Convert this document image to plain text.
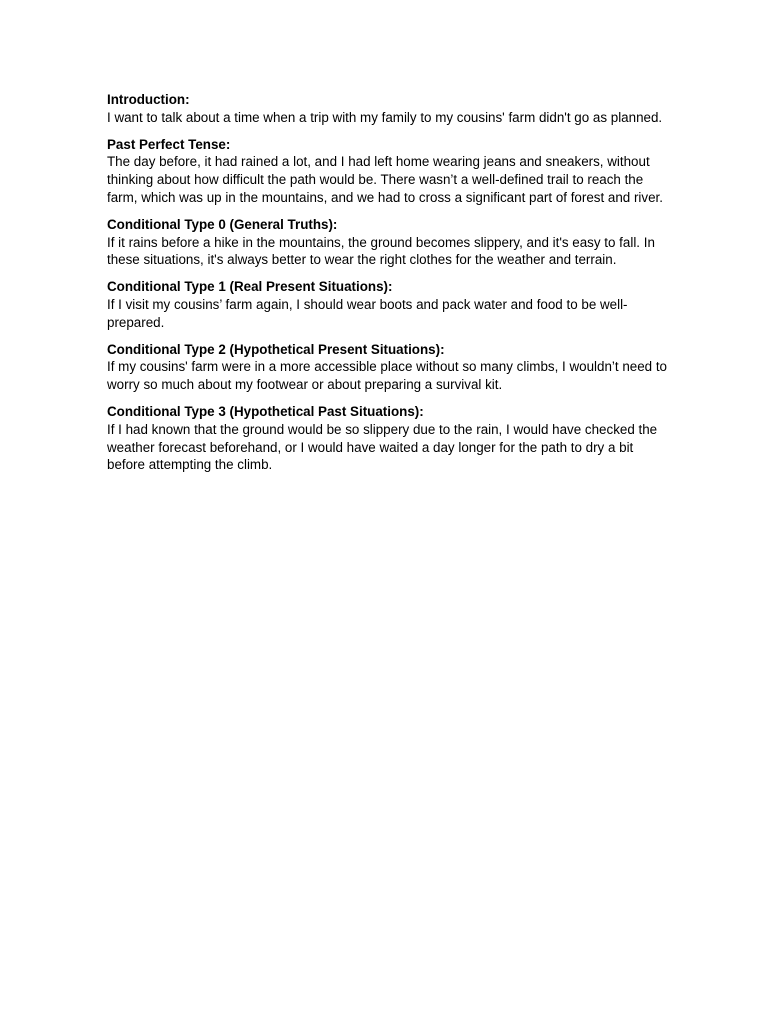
Introduction:
I want to talk about a time when a trip with my family to my cousins' farm didn't go as planned.
Past Perfect Tense:
The day before, it had rained a lot, and I had left home wearing jeans and sneakers, without thinking about how difficult the path would be. There wasn’t a well-defined trail to reach the farm, which was up in the mountains, and we had to cross a significant part of forest and river.
Conditional Type 0 (General Truths):
If it rains before a hike in the mountains, the ground becomes slippery, and it's easy to fall. In these situations, it's always better to wear the right clothes for the weather and terrain.
Conditional Type 1 (Real Present Situations):
If I visit my cousins’ farm again, I should wear boots and pack water and food to be well-prepared.
Conditional Type 2 (Hypothetical Present Situations):
If my cousins' farm were in a more accessible place without so many climbs, I wouldn’t need to worry so much about my footwear or about preparing a survival kit.
Conditional Type 3 (Hypothetical Past Situations):
If I had known that the ground would be so slippery due to the rain, I would have checked the weather forecast beforehand, or I would have waited a day longer for the path to dry a bit before attempting the climb.
